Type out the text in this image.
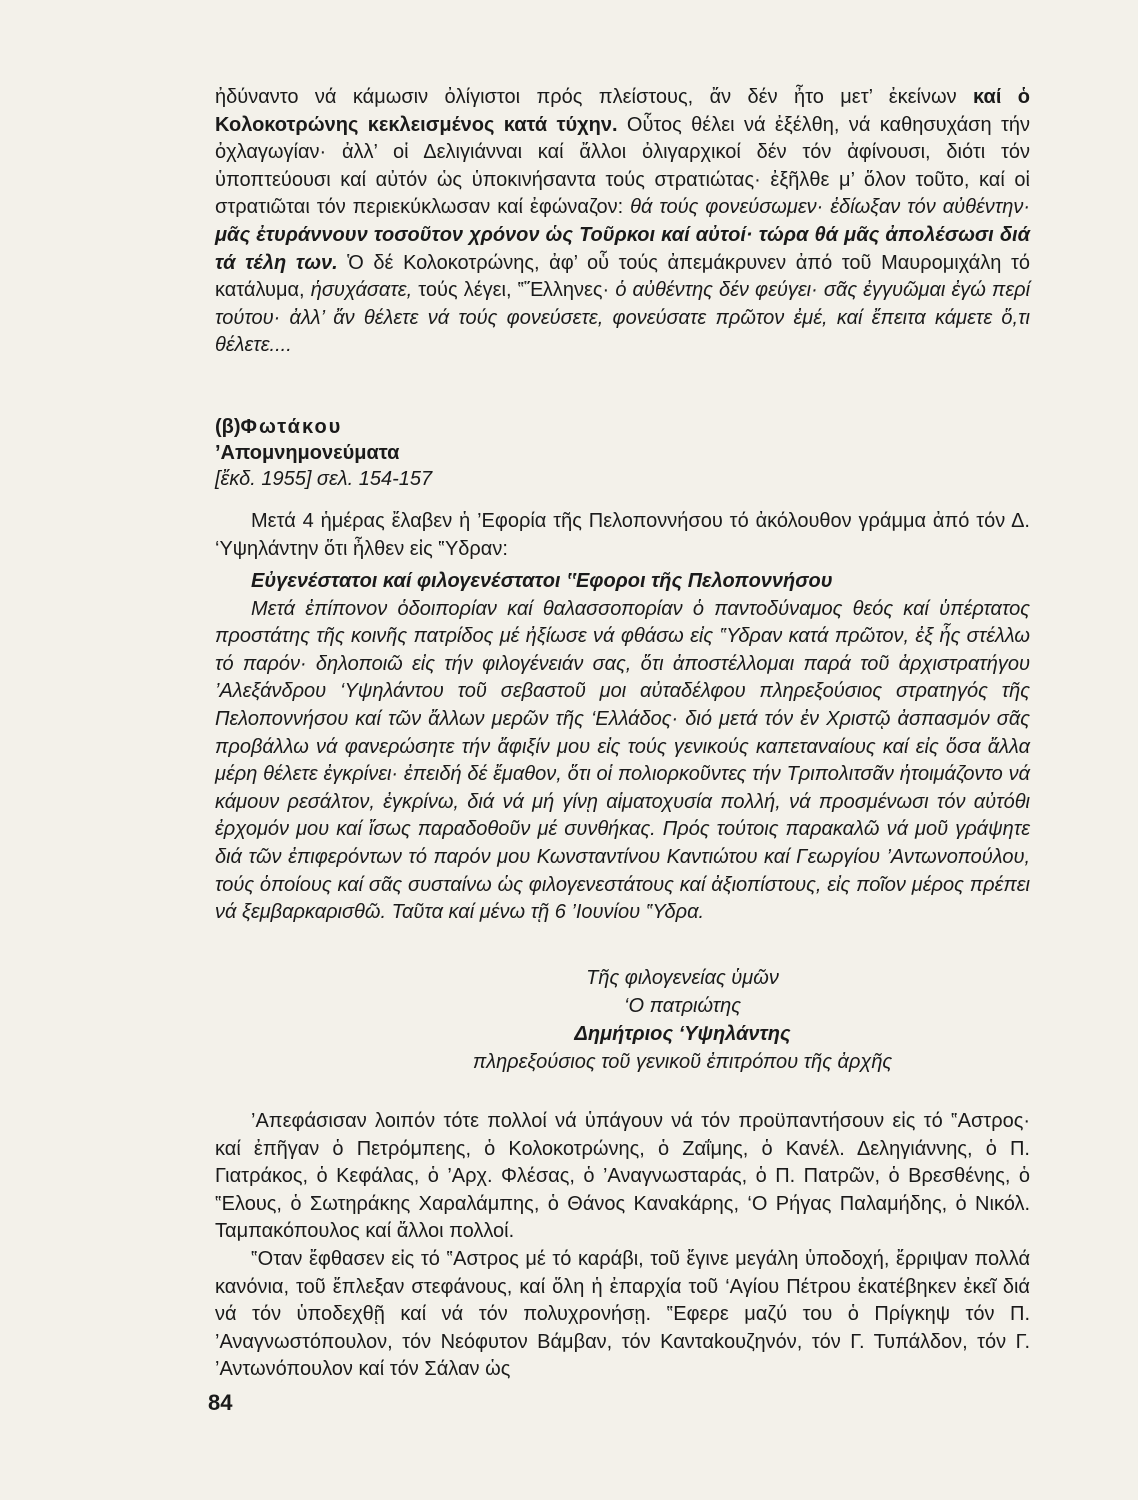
ἠδύναντο νά κάμωσιν ὀλίγιστοι πρός πλείστους, ἄν δέν ἦτο μετ’ ἐκείνων καί ὁ Κολοκοτρώνης κεκλεισμένος κατά τύχην. Οὗτος θέλει νά ἐξέλθη, νά καθησυχάση τήν ὀχλαγωγίαν· ἀλλ’ οἱ Δελιγιάνναι καί ἄλλοι ὀλιγαρχικοί δέν τόν ἀφίνουσι, διότι τόν ὑποπτεύουσι καί αὐτόν ὡς ὑποκινήσαντα τούς στρατιώτας· ἐξῆλθε μ’ ὅλον τοῦτο, καί οἱ στρατιῶται τόν περιεκύκλωσαν καί ἐφώναζον: θά τούς φονεύσωμεν· ἐδίωξαν τόν αὐθέντην· μᾶς ἐτυράννουν τοσοῦτον χρόνον ὡς Τοῦρκοι καί αὐτοί· τώρα θά μᾶς ἀπολέσωσι διά τά τέλη των. Ὁ δέ Κολοκοτρώνης, ἀφ’ οὗ τούς ἀπεμάκρυνεν ἀπό τοῦ Μαυρομιχάλη τό κατάλυμα, ἡσυχάσατε, τούς λέγει, ‟Ἕλληνες· ὁ αὐθέντης δέν φεύγει· σᾶς ἐγγυῶμαι ἐγώ περί τούτου· ἀλλ’ ἄν θέλετε νά τούς φονεύσετε, φονεύσατε πρῶτον ἐμέ, καί ἔπειτα κάμετε ὅ,τι θέλετε....

(β)Φωτάκου

’Απομνημονεύματα

[ἔκδ. 1955] σελ. 154-157

Μετά 4 ἡμέρας ἔλαβεν ἡ ’Εφορία τῆς Πελοποννήσου τό ἀκόλουθον γράμμα ἀπό τόν Δ. ‘Υψηλάντην ὅτι ἦλθεν εἰς ‟Υδραν:

Εὐγενέστατοι καί φιλογενέστατοι ‟Εφοροι τῆς Πελοποννήσου

Μετά ἐπίπονον ὁδοιπορίαν καί θαλασσοπορίαν ὁ παντοδύναμος θεός καί ὑπέρτατος προστάτης τῆς κοινῆς πατρίδος μέ ἠξίωσε νά φθάσω εἰς ‟Υδραν κατά πρῶτον, ἐξ ἧς στέλλω τό παρόν· δηλοποιῶ εἰς τήν φιλογένειάν σας, ὅτι ἀποστέλλομαι παρά τοῦ ἀρχιστρατήγου ’Αλεξάνδρου ‘Υψηλάντου τοῦ σεβαστοῦ μοι αὐταδέλφου πληρεξούσιος στρατηγός τῆς Πελοποννήσου καί τῶν ἄλλων μερῶν τῆς ‘Ελλάδος· διό μετά τόν ἐν Χριστῷ ἀσπασμόν σᾶς προβάλλω νά φανερώσητε τήν ἄφιξίν μου εἰς τούς γενικούς καπεταναίους καί εἰς ὅσα ἄλλα μέρη θέλετε ἐγκρίνει· ἐπειδή δέ ἔμαθον, ὅτι οἱ πολιορκοῦντες τήν Τριπολιτσᾶν ἡτοιμάζοντο νά κάμουν ρεσάλτον, ἐγκρίνω, διά νά μή γίνῃ αἱματοχυσία πολλή, νά προσμένωσι τόν αὐτόθι ἐρχομόν μου καί ἴσως παραδοθοῦν μέ συνθήκας. Πρός τούτοις παρακαλῶ νά μοῦ γράψητε διά τῶν ἐπιφερόντων τό παρόν μου Κωνσταντίνου Καντιώτου καί Γεωργίου ’Αντωνοπούλου, τούς ὁποίους καί σᾶς συσταίνω ὡς φιλογενεστάτους καί ἀξιοπίστους, εἰς ποῖον μέρος πρέπει νά ξεμβαρκαρισθῶ. Ταῦτα καί μένω τῇ 6 ’Ιουνίου ‟Υδρα.

Τῆς φιλογενείας ὑμῶν

‘Ο πατριώτης

Δημήτριος ‘Υψηλάντης

πληρεξούσιος τοῦ γενικοῦ ἐπιτρόπου τῆς ἀρχῆς

’Απεφάσισαν λοιπόν τότε πολλοί νά ὑπάγουν νά τόν προϋπαντήσουν εἰς τό ‟Αστρος· καί ἐπῆγαν ὁ Πετρόμπεης, ὁ Κολοκοτρώνης, ὁ Ζαΐμης, ὁ Κανέλ. Δεληγιάννης, ὁ Π. Γιατράκος, ὁ Κεφάλας, ὁ ’Αρχ. Φλέσας, ὁ ’Αναγνωσταράς, ὁ Π. Πατρῶν, ὁ Βρεσθένης, ὁ ‟Ελους, ὁ Σωτηράκης Χαραλάμπης, ὁ Θάνος Καναkάρης, ‘Ο Ρήγας Παλαμήδης, ὁ Νικόλ. Ταμπακόπουλος καί ἄλλοι πολλοί.

‟Οταν ἔφθασεν εἰς τό ‟Αστρος μέ τό καράβι, τοῦ ἔγινε μεγάλη ὑποδοχή, ἔρριψαν πολλά κανόνια, τοῦ ἔπλεξαν στεφάνους, καί ὅλη ἡ ἐπαρχία τοῦ ‘Αγίου Πέτρου ἐκατέβηκεν ἐκεῖ διά νά τόν ὑποδεχθῇ καί νά τόν πολυχρονήσῃ. ‟Εφερε μαζύ του ὁ Πρίγκηψ τόν Π. ’Αναγνωστόπουλον, τόν Νεόφυτον Βάμβαν, τόν Κανταkουζηνόν, τόν Γ. Τυπάλδον, τόν Γ. ’Αντωνόπουλον καί τόν Σάλαν ὡς

84
